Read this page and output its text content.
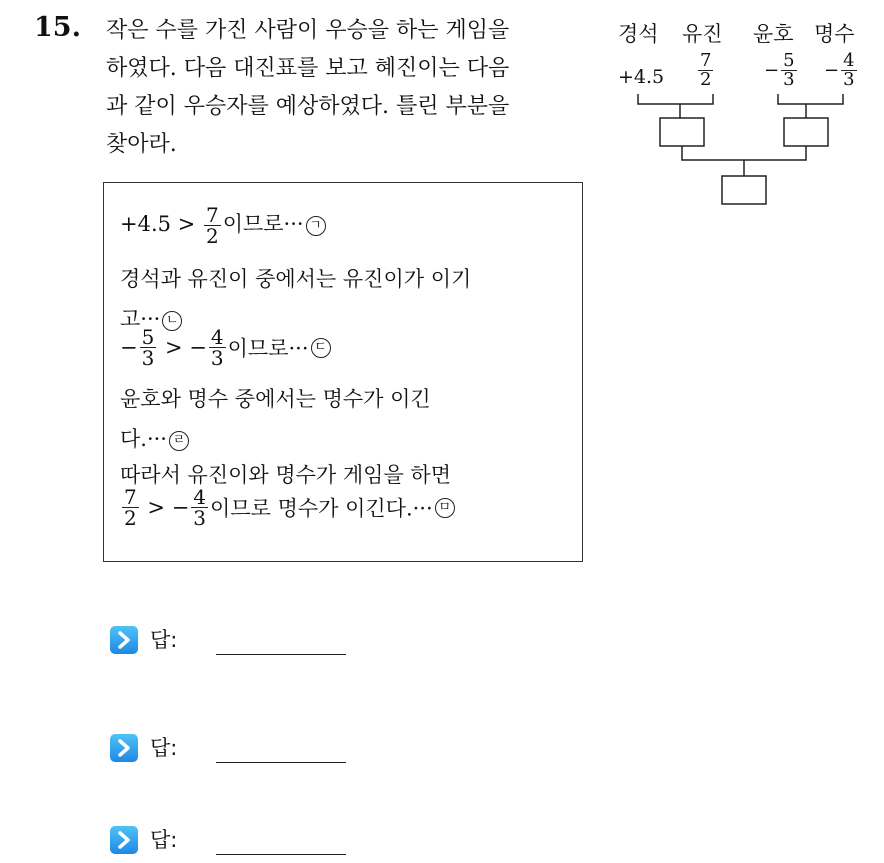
15. 작은 수를 가진 사람이 우승을 하는 게임을
하였다. 다음 대진표를 보고 혜진이는 다음
과 같이 우승자를 예상하였다. 틀린 부분을
찾아라.
경석 유진 윤호 명수
$+4.5 \frac{7}{2}$	− $\frac{5}{3} - \frac{4}{3}$
$+4.5 > \frac{7}{2}$ 이므로··· ㄱ
경석과 유진이 중에서는 유진이가 이기
고··· ㄴ
− $\frac{5}{3}$ > − $\frac{4}{3}$ 이므로··· ㄷ
윤호와 명수 중에서는 명수가 이긴
다.··· ㄹ
따라서 유진이와 명수가 게임을 하면
$\frac{7}{2}$ > − $\frac{4}{3}$ 이므로 명수가 이긴다.··· ㅁ
답:
답:
답:
